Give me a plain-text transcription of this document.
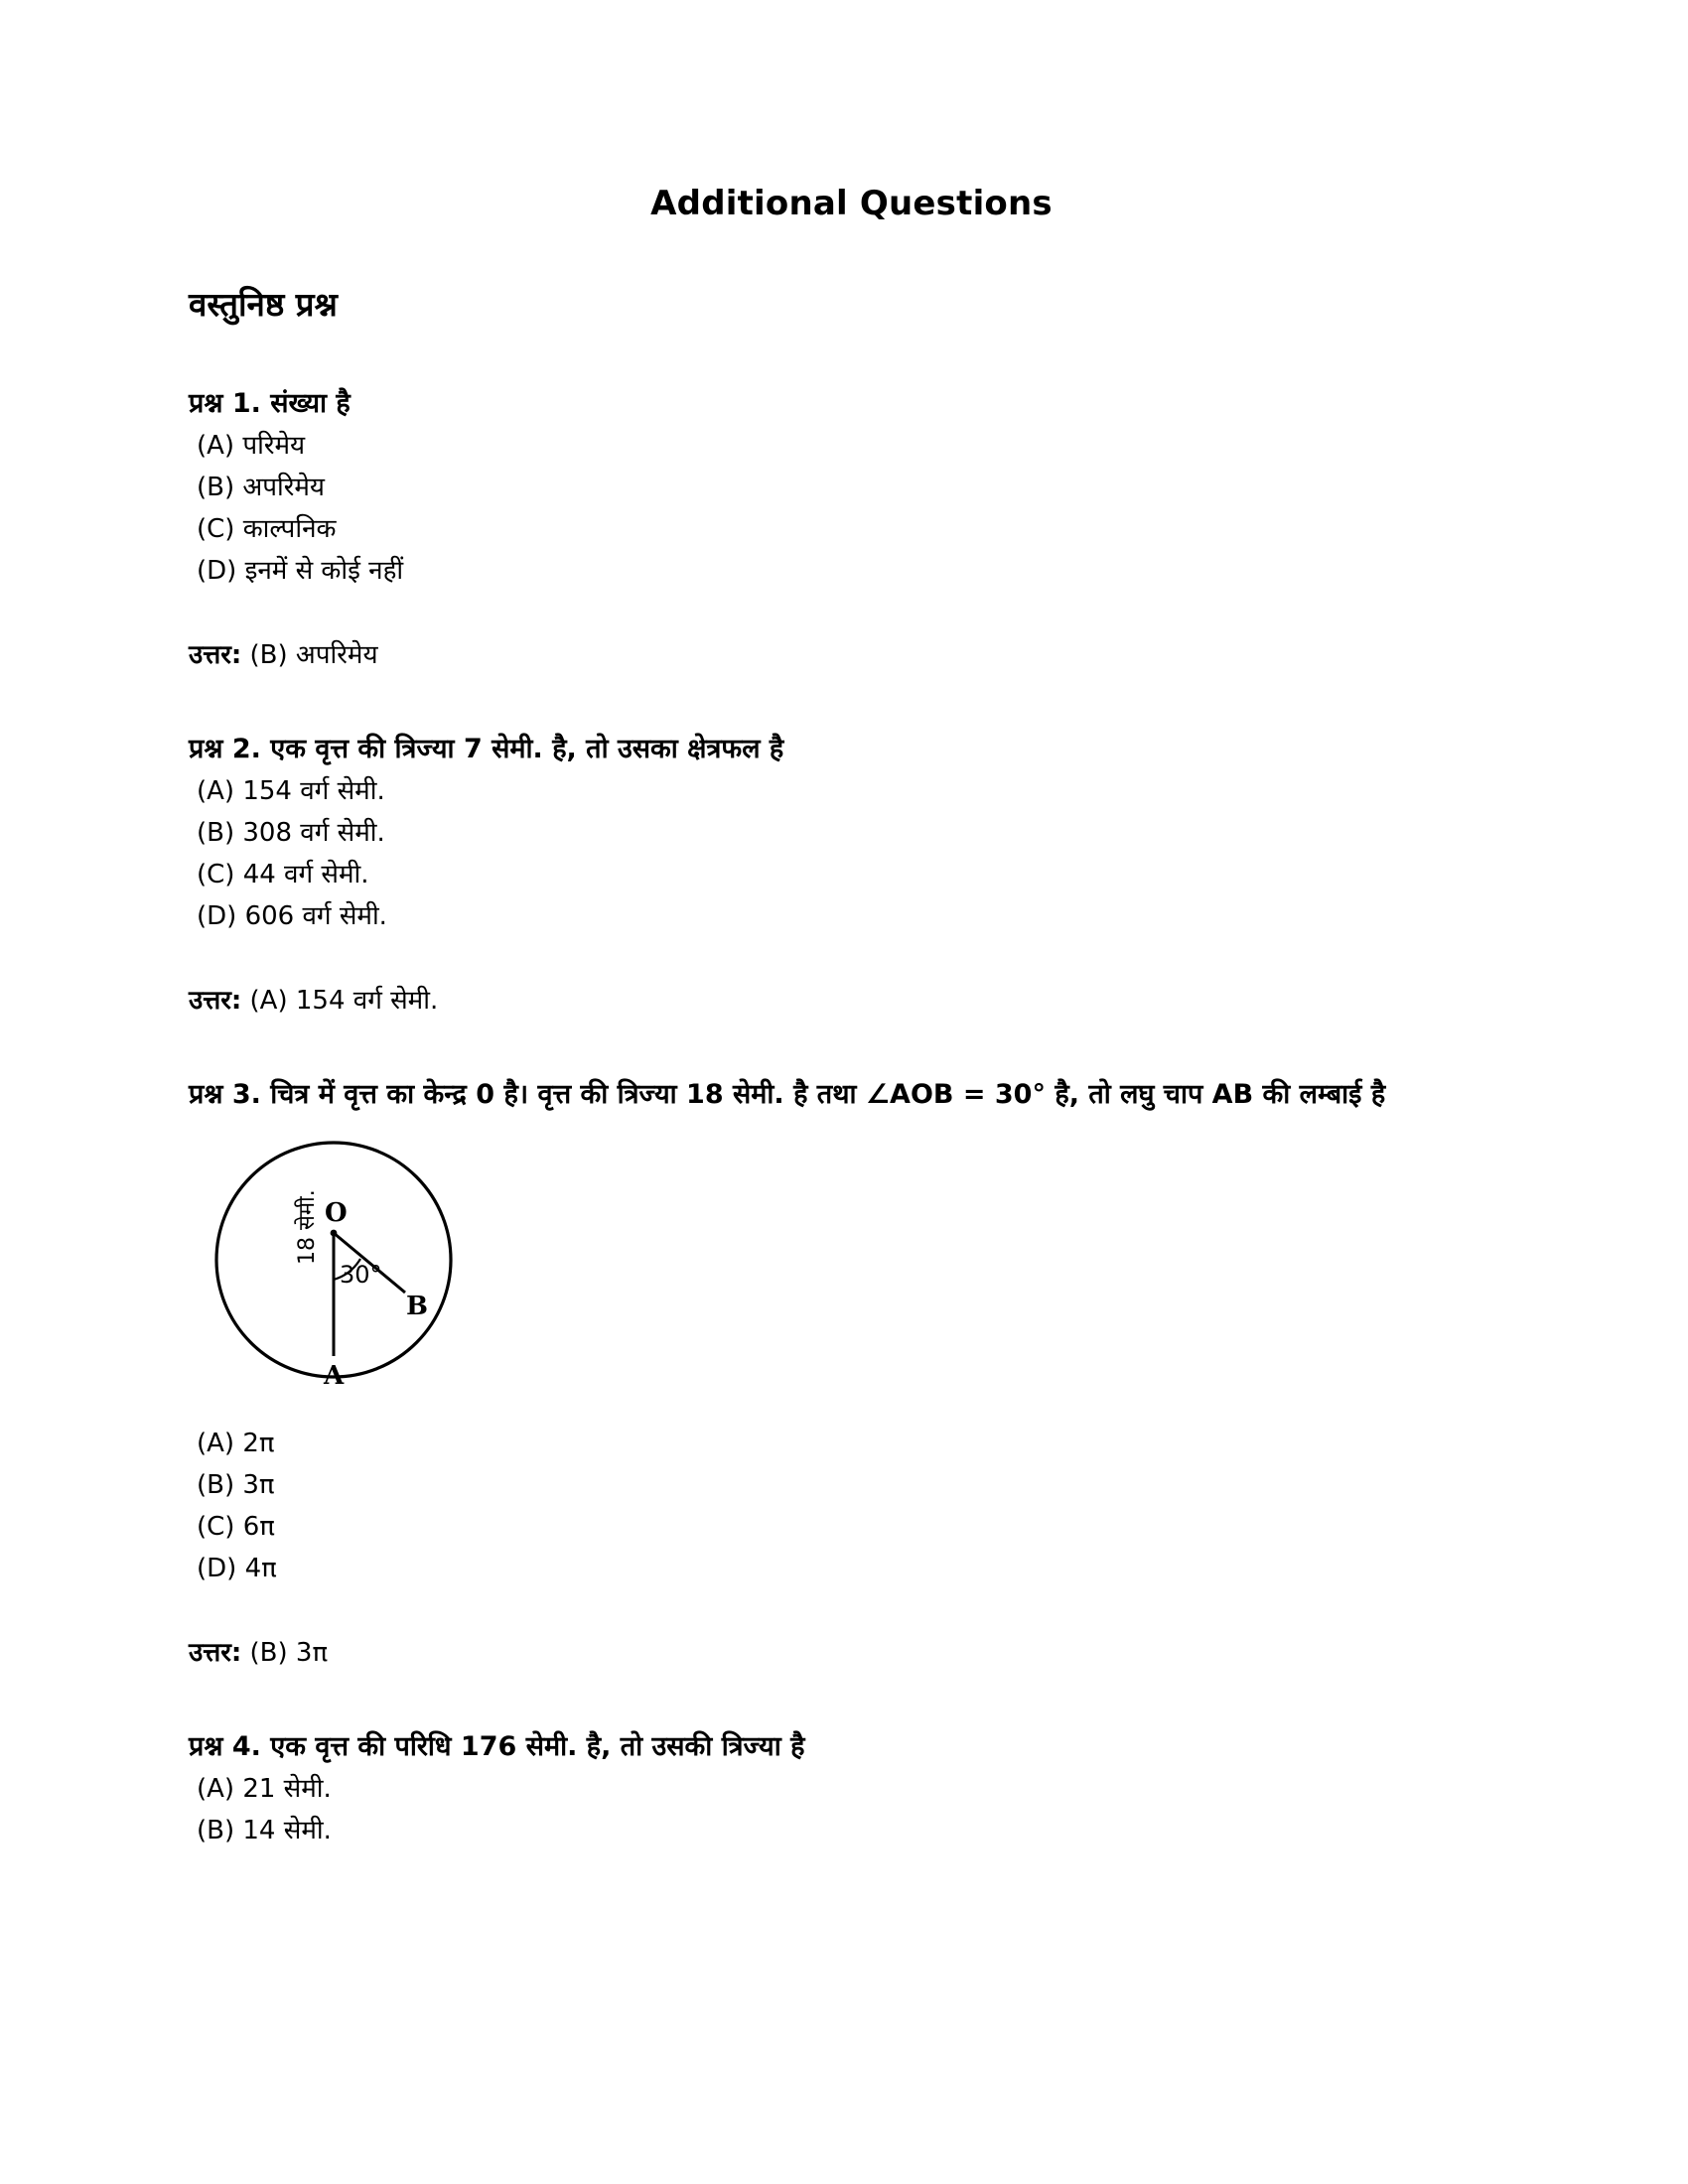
Additional Questions
वस्तुनिष्ठ प्रश्न

प्रश्न 1. संख्या है

(A) परिमेय

(B) अपरिमेय

(C) काल्पनिक

(D) इनमें से कोई नहीं

उत्तर: (B) अपरिमेय

प्रश्न 2. एक वृत्त की त्रिज्या 7 सेमी. है, तो उसका क्षेत्रफल है

(A) 154 वर्ग सेमी.

(B) 308 वर्ग सेमी.

(C) 44 वर्ग सेमी.

(D) 606 वर्ग सेमी.

उत्तर: (A) 154 वर्ग सेमी.

प्रश्न 3. चित्र में वृत्त का केन्द्र 0 है। वृत्त की त्रिज्या 18 सेमी. है तथा ∠AOB = 30° है, तो लघु चाप AB की लम्बाई है

O
A
B
30°
18 सेमी.

(A) 2π

(B) 3π

(C) 6π

(D) 4π

उत्तर: (B) 3π

प्रश्न 4. एक वृत्त की परिधि 176 सेमी. है, तो उसकी त्रिज्या है

(A) 21 सेमी.

(B) 14 सेमी.
